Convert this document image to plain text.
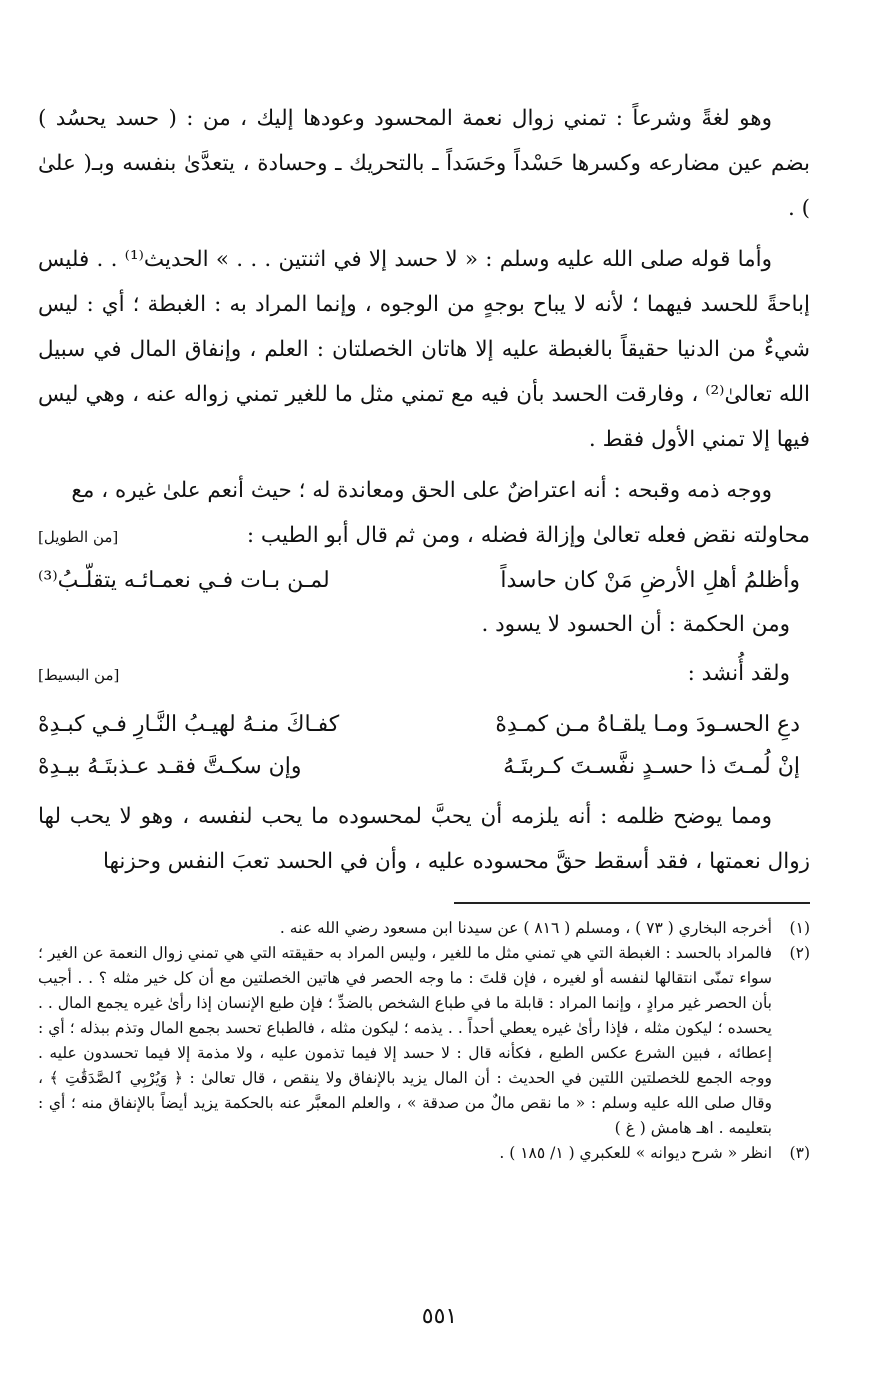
وهو لغةً وشرعاً : تمني زوال نعمة المحسود وعودها إليك ، من : ( حسد يحسُد ) بضم عين مضارعه وكسرها حَسْداً وحَسَداً ـ بالتحريك ـ وحسادة ، يتعدَّىٰ بنفسه وبـ( علىٰ ) .

وأما قوله صلى الله عليه وسلم : « لا حسد إلا في اثنتين . . . » الحديث⁽¹⁾ . . فليس إباحةً للحسد فيهما ؛ لأنه لا يباح بوجهٍ من الوجوه ، وإنما المراد به : الغبطة ؛ أي : ليس شيءٌ من الدنيا حقيقاً بالغبطة عليه إلا هاتان الخصلتان : العلم ، وإنفاق المال في سبيل الله تعالىٰ⁽²⁾ ، وفارقت الحسد بأن فيه مع تمني مثل ما للغير تمني زواله عنه ، وهي ليس فيها إلا تمني الأول فقط .

ووجه ذمه وقبحه : أنه اعتراضٌ على الحق ومعاندة له ؛ حيث أنعم علىٰ غيره ، مع

محاولته نقض فعله تعالىٰ وإزالة فضله ، ومن ثم قال أبو الطيب :
[من الطويل]
وأظلمُ أهلِ الأرضِ مَنْ كان حاسداً
لمـن بـات فـي نعمـائـه يتقلّـبُ⁽³⁾

ومن الحكمة : أن الحسود لا يسود .

ولقد أُنشد :
[من البسيط]
دعِ الحسـودَ ومـا يلقـاهُ مـن كمـدِهْ
كفـاكَ منـهُ لهيـبُ النَّـارِ فـي كبـدِهْ
إنْ لُمـتَ ذا حسـدٍ نفَّسـتَ كـربتَـهُ
وإن سكـتَّ فقـد عـذبتَـهُ بيـدِهْ

ومما يوضح ظلمه : أنه يلزمه أن يحبَّ لمحسوده ما يحب لنفسه ، وهو لا يحب لها زوال نعمتها ، فقد أسقط حقَّ محسوده عليه ، وأن في الحسد تعبَ النفس وحزنها

(١)
أخرجه البخاري ( ٧٣ ) ، ومسلم ( ٨١٦ ) عن سيدنا ابن مسعود رضي الله عنه .
(٢)
فالمراد بالحسد : الغبطة التي هي تمني مثل ما للغير ، وليس المراد به حقيقته التي هي تمني زوال النعمة عن الغير ؛ سواء تمنّى انتقالها لنفسه أو لغيره ، فإن قلتَ : ما وجه الحصر في هاتين الخصلتين مع أن كل خير مثله ؟ . . أجيب بأن الحصر غير مرادٍ ، وإنما المراد : قابلة ما في طباع الشخص بالضدِّ ؛ فإن طبع الإنسان إذا رأىٰ غيره يجمع المال . . يحسده ؛ ليكون مثله ، فإذا رأىٰ غيره يعطي أحداً . . يذمه ؛ ليكون مثله ، فالطباع تحسد بجمع المال وتذم ببذله ؛ أي : إعطائه ، فبين الشرع عكس الطبع ، فكأنه قال : لا حسد إلا فيما تذمون عليه ، ولا مذمة إلا فيما تحسدون عليه . ووجه الجمع للخصلتين اللتين في الحديث : أن المال يزيد بالإنفاق ولا ينقص ، قال تعالىٰ : ﴿ وَيُرْبِي ٱلصَّدَقَٰتِ ﴾ ، وقال صلى الله عليه وسلم : « ما نقص مالٌ من صدقة » ، والعلم المعبَّر عنه بالحكمة يزيد أيضاً بالإنفاق منه ؛ أي : بتعليمه . اهـ هامش ( غ )
(٣)
انظر « شرح ديوانه » للعكبري ( ١/ ١٨٥ ) .
٥٥١
